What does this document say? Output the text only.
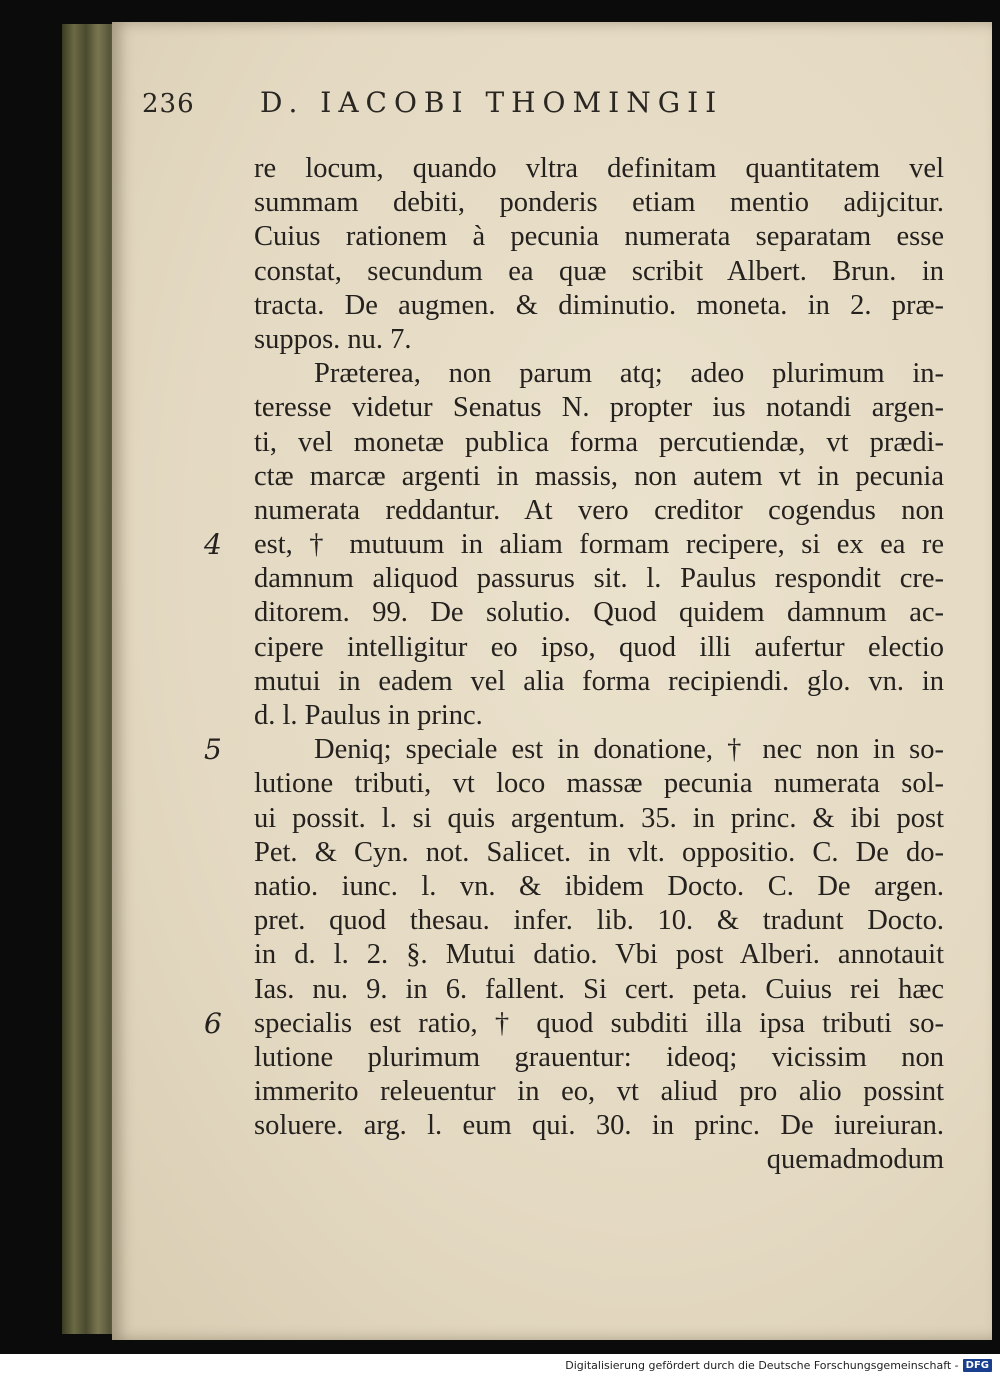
236	D. IACOBI THOMINGII
re locum, quando vltra definitam quantitatem vel
summam debiti, ponderis etiam mentio adijcitur.
Cuius rationem à pecunia numerata separatam esse
constat, secundum ea quæ scribit Albert. Brun. in
tracta. De augmen. & diminutio. moneta. in 2. præ-
suppos. nu. 7.
Præterea, non parum atq; adeo plurimum in-
teresse videtur Senatus N. propter ius notandi argen-
ti, vel monetæ publica forma percutiendæ, vt prædi-
ctæ marcæ argenti in massis, non autem vt in pecunia
numerata reddantur. At vero creditor cogendus non
4 est, † mutuum in aliam formam recipere, si ex ea re
damnum aliquod passurus sit. l. Paulus respondit cre-
ditorem. 99. De solutio. Quod quidem damnum ac-
cipere intelligitur eo ipso, quod illi aufertur electio
mutui in eadem vel alia forma recipiendi. glo. vn. in
d. l. Paulus in princ.
5	Deniq; speciale est in donatione, † nec non in so-
lutione tributi, vt loco massæ pecunia numerata sol-
ui possit. l. si quis argentum. 35. in princ. & ibi post
Pet. & Cyn. not. Salicet. in vlt. oppositio. C. De do-
natio. iunc. l. vn. & ibidem Docto. C. De argen.
pret. quod thesau. infer. lib. 10. & tradunt Docto.
in d. l. 2. §. Mutui datio. Vbi post Alberi. annotauit
Ias. nu. 9. in 6. fallent. Si cert. peta. Cuius rei hæc
6 specialis est ratio, † quod subditi illa ipsa tributi so-
lutione plurimum grauentur: ideoq; vicissim non
immerito releuentur in eo, vt aliud pro alio possint
soluere. arg. l. eum qui. 30. in princ. De iureiuran.
quemadmodum
Digitalisierung gefördert durch die Deutsche Forschungsgemeinschaft - DFG
